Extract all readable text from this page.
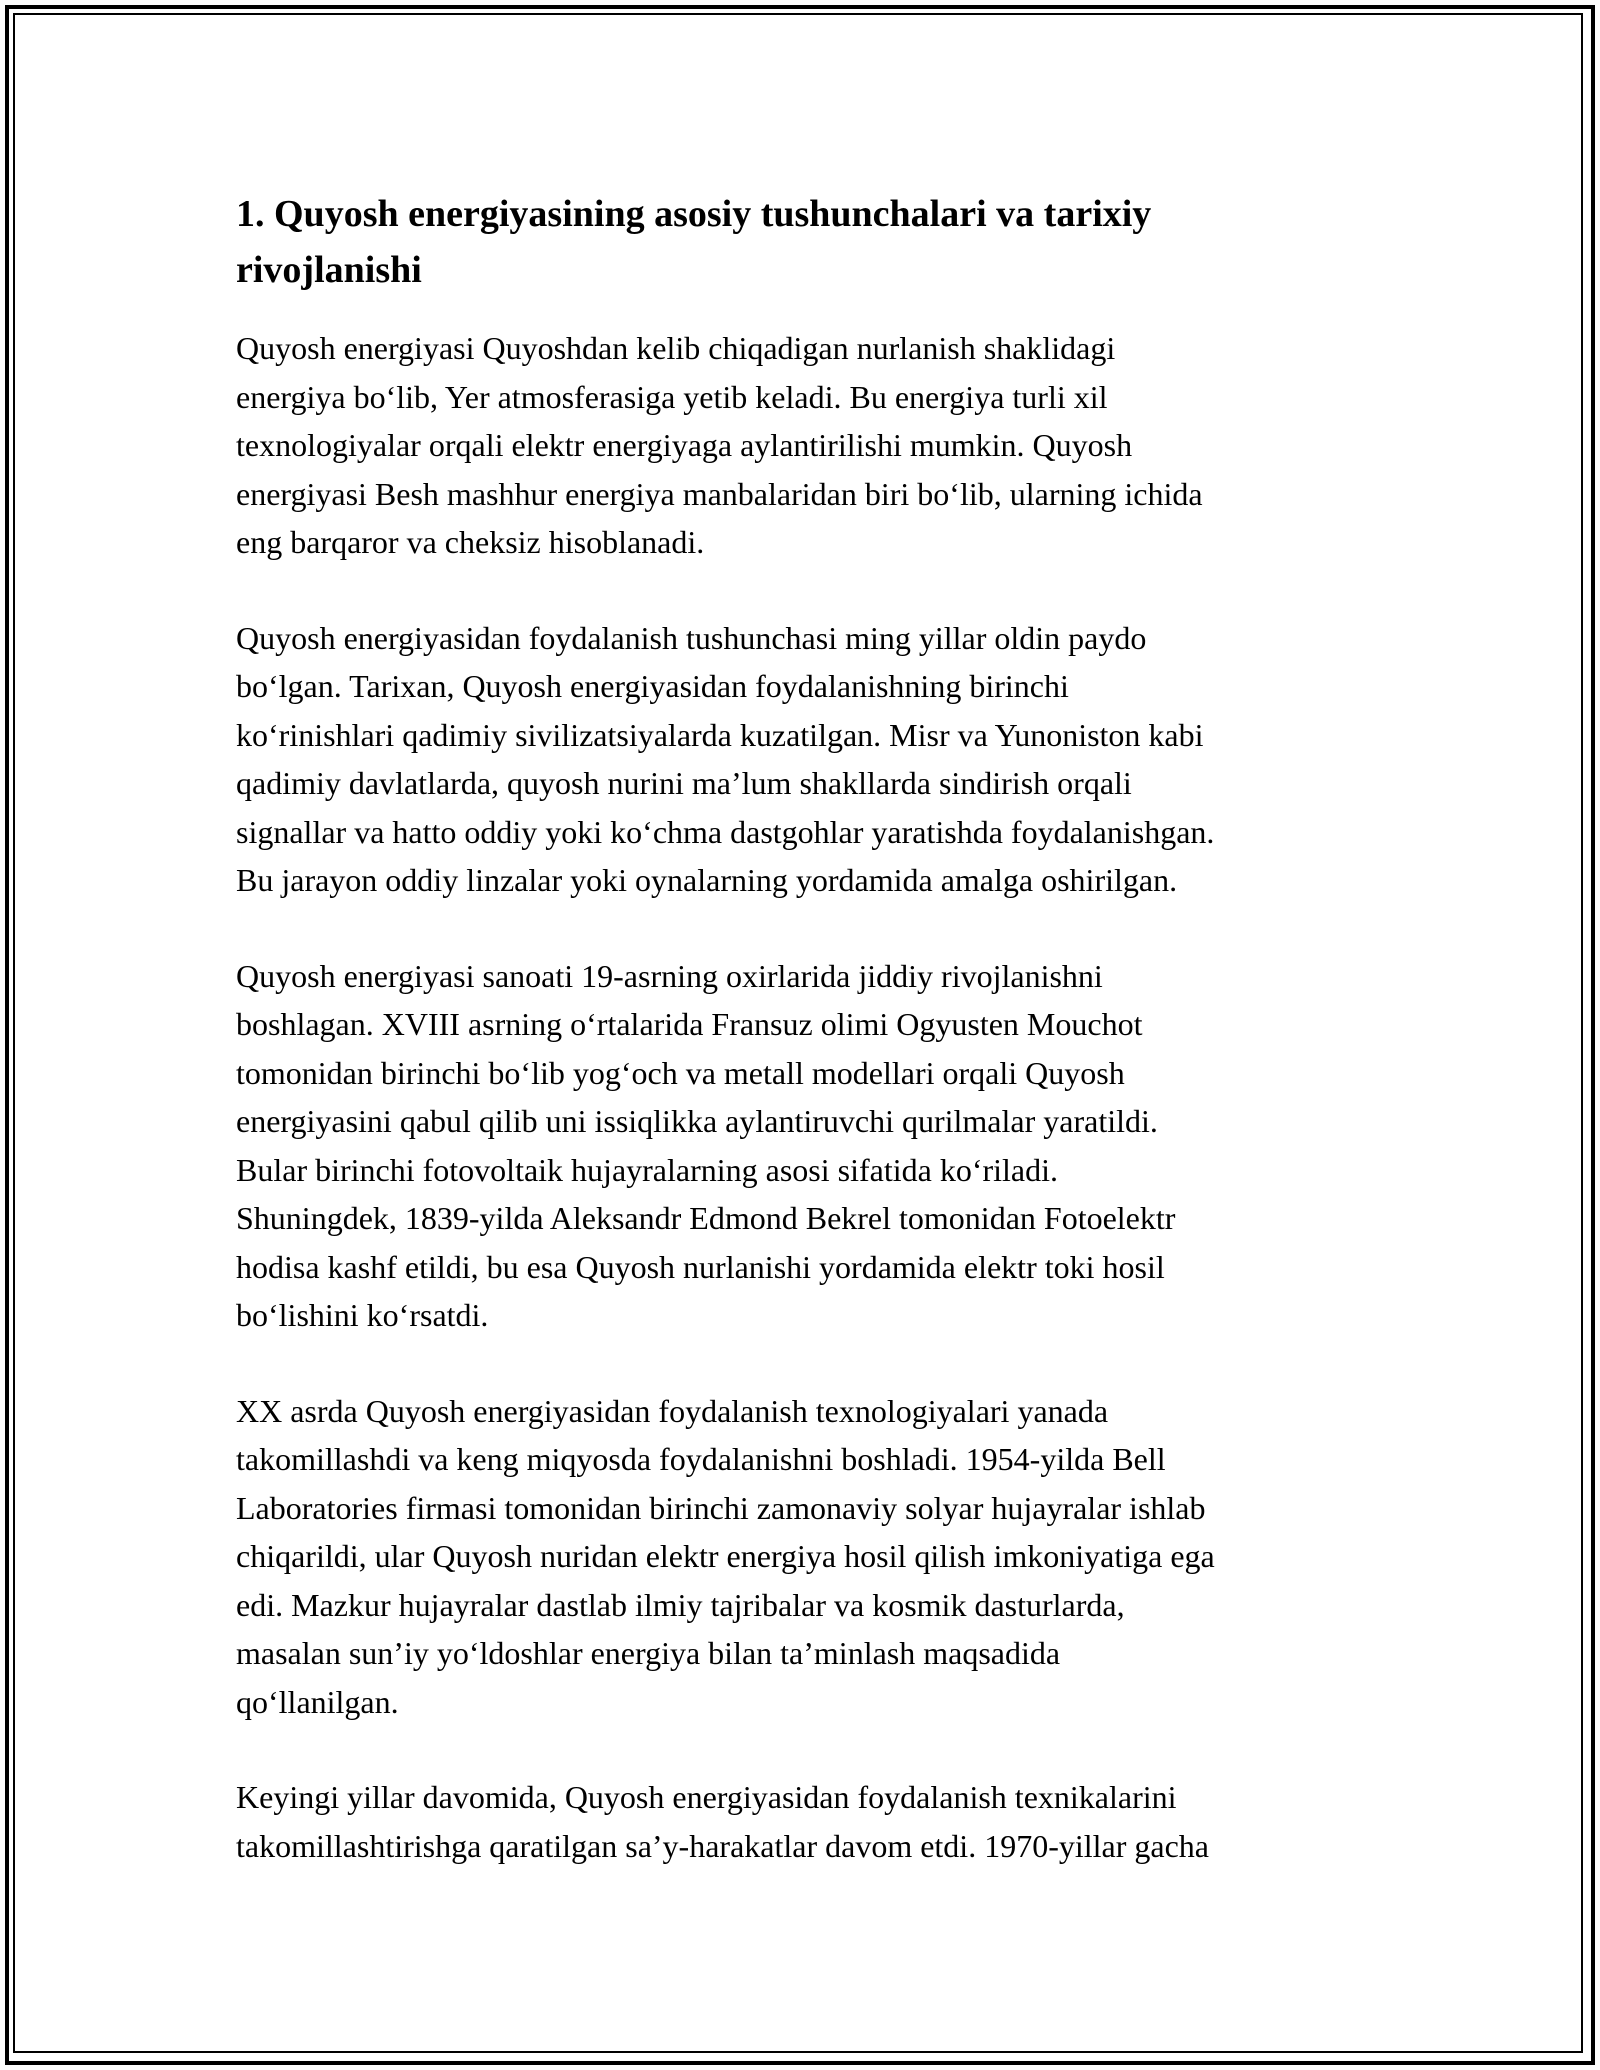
1. Quyosh energiyasining asosiy tushunchalari va tarixiy
rivojlanishi

Quyosh energiyasi Quyoshdan kelib chiqadigan nurlanish shaklidagi
energiya boʻlib, Yer atmosferasiga yetib keladi. Bu energiya turli xil
texnologiyalar orqali elektr energiyaga aylantirilishi mumkin. Quyosh
energiyasi Besh mashhur energiya manbalaridan biri boʻlib, ularning ichida
eng barqaror va cheksiz hisoblanadi.

Quyosh energiyasidan foydalanish tushunchasi ming yillar oldin paydo
boʻlgan. Tarixan, Quyosh energiyasidan foydalanishning birinchi
koʻrinishlari qadimiy sivilizatsiyalarda kuzatilgan. Misr va Yunoniston kabi
qadimiy davlatlarda, quyosh nurini maʼlum shakllarda sindirish orqali
signallar va hatto oddiy yoki koʻchma dastgohlar yaratishda foydalanishgan.
Bu jarayon oddiy linzalar yoki oynalarning yordamida amalga oshirilgan.

Quyosh energiyasi sanoati 19-asrning oxirlarida jiddiy rivojlanishni
boshlagan. XVIII asrning oʻrtalarida Fransuz olimi Ogyusten Mouchot
tomonidan birinchi boʻlib yogʻoch va metall modellari orqali Quyosh
energiyasini qabul qilib uni issiqlikka aylantiruvchi qurilmalar yaratildi.
Bular birinchi fotovoltaik hujayralarning asosi sifatida koʻriladi.
Shuningdek, 1839-yilda Aleksandr Edmond Bekrel tomonidan Fotoelektr
hodisa kashf etildi, bu esa Quyosh nurlanishi yordamida elektr toki hosil
boʻlishini koʻrsatdi.

XX asrda Quyosh energiyasidan foydalanish texnologiyalari yanada
takomillashdi va keng miqyosda foydalanishni boshladi. 1954-yilda Bell
Laboratories firmasi tomonidan birinchi zamonaviy solyar hujayralar ishlab
chiqarildi, ular Quyosh nuridan elektr energiya hosil qilish imkoniyatiga ega
edi. Mazkur hujayralar dastlab ilmiy tajribalar va kosmik dasturlarda,
masalan sunʼiy yoʻldoshlar energiya bilan taʼminlash maqsadida
qoʻllanilgan.

Keyingi yillar davomida, Quyosh energiyasidan foydalanish texnikalarini
takomillashtirishga qaratilgan saʼy-harakatlar davom etdi. 1970-yillar gacha
